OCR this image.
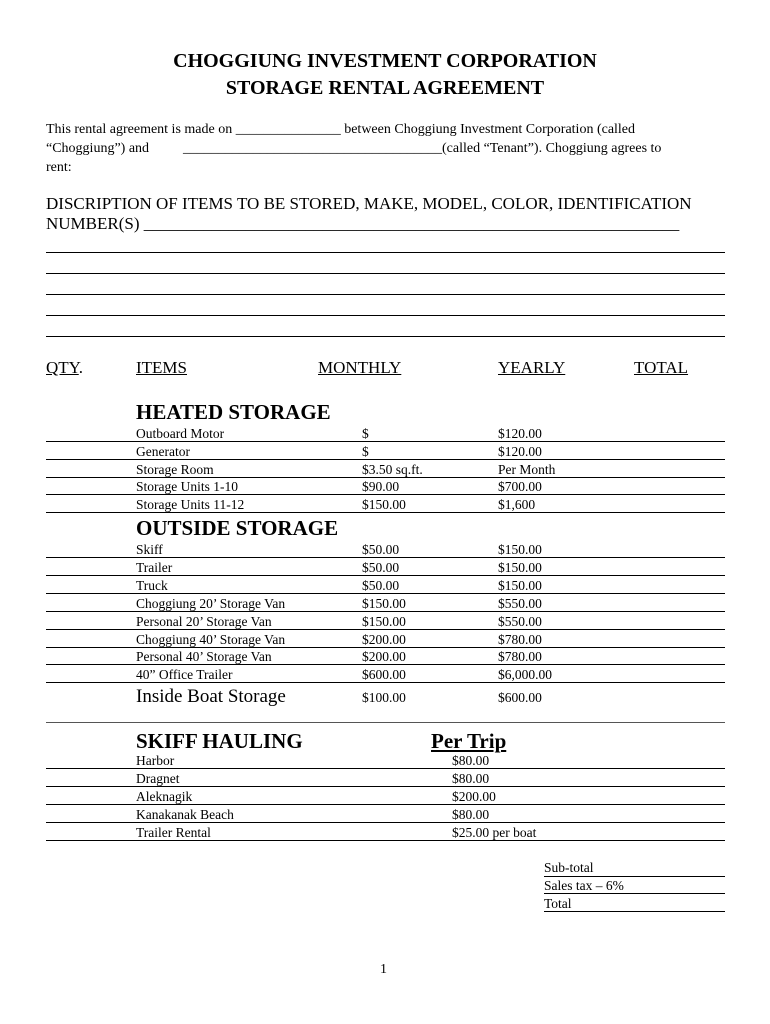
CHOGGIUNG INVESTMENT CORPORATION
STORAGE RENTAL AGREEMENT
This rental agreement is made on _______________ between Choggiung Investment Corporation (called
“Choggiung”) and _____________________________________(called “Tenant”). Choggiung agrees to
rent:
DISCRIPTION OF ITEMS TO BE STORED, MAKE, MODEL, COLOR, IDENTIFICATION
NUMBER(S) _______________________________________________________________
QTY.	ITEMS	MONTHLY	YEARLY	TOTAL
HEATED STORAGE
Outboard Motor	$	$120.00
Generator	$	$120.00
Storage Room	$3.50 sq.ft.	Per Month
Storage Units 1-10	$90.00	$700.00
Storage Units 11-12	$150.00	$1,600
OUTSIDE STORAGE
Skiff	$50.00	$150.00
Trailer	$50.00	$150.00
Truck	$50.00	$150.00
Choggiung 20’ Storage Van	$150.00	$550.00
Personal 20’ Storage Van	$150.00	$550.00
Choggiung 40’ Storage Van	$200.00	$780.00
Personal 40’ Storage Van	$200.00	$780.00
40” Office Trailer	$600.00	$6,000.00
Inside Boat Storage	$100.00	$600.00
SKIFF HAULING	Per Trip
Harbor	$80.00
Dragnet	$80.00
Aleknagik	$200.00
Kanakanak Beach	$80.00
Trailer Rental	$25.00 per boat
Sub-total
Sales tax – 6%
Total
1
